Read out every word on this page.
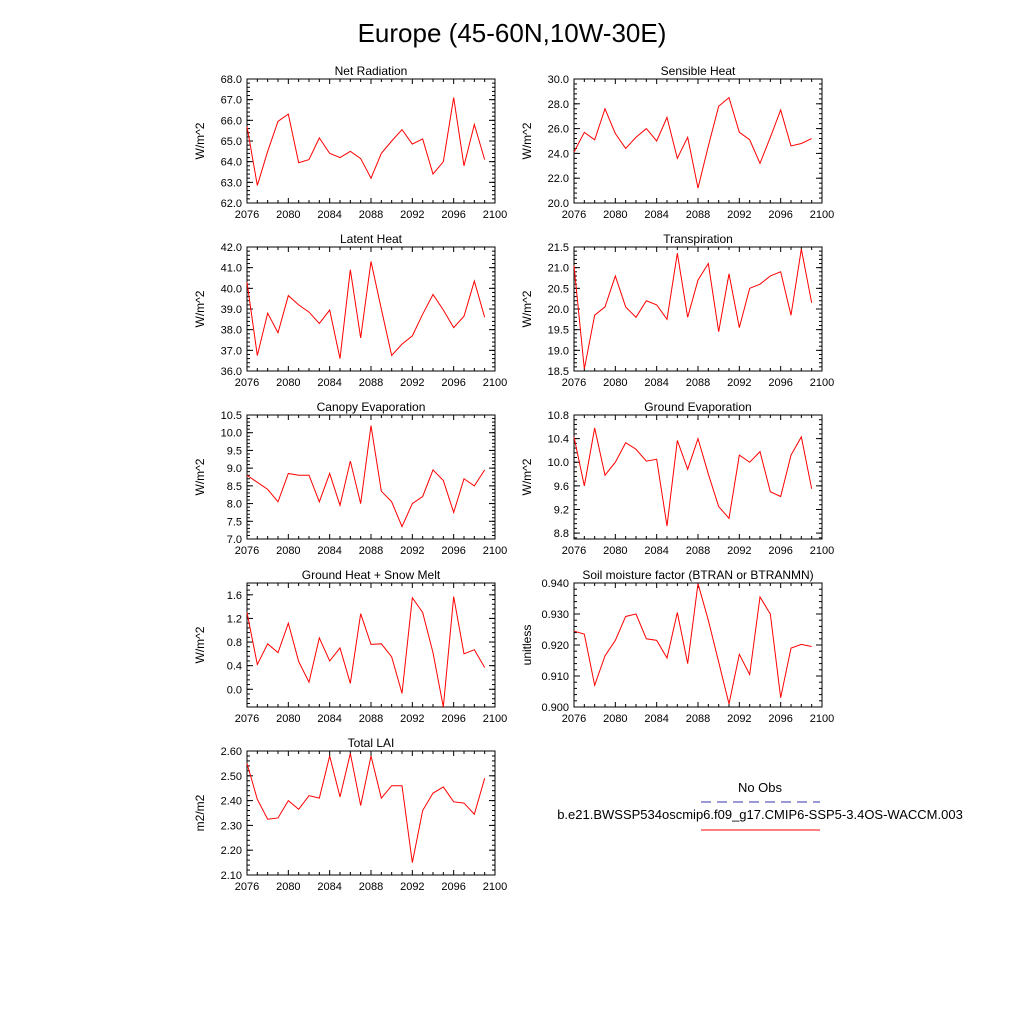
Europe (45-60N,10W-30E)
Net Radiation
W/m^2
2076 2080 2084 2088 2092 2096 2100
62.0
63.0
64.0
65.0
66.0
67.0
68.0
Sensible Heat
W/m^2
2076 2080 2084 2088 2092 2096 2100
20.0
22.0
24.0
26.0
28.0
30.0
Latent Heat
W/m^2
2076 2080 2084 2088 2092 2096 2100
36.0
37.0
38.0
39.0
40.0
41.0
42.0
Transpiration
W/m^2
2076 2080 2084 2088 2092 2096 2100
18.5
19.0
19.5
20.0
20.5
21.0
21.5
Canopy Evaporation
W/m^2
2076 2080 2084 2088 2092 2096 2100
7.0
7.5
8.0
8.5
9.0
9.5
10.0
10.5
Ground Evaporation
W/m^2
2076 2080 2084 2088 2092 2096 2100
8.8
9.2
9.6
10.0
10.4
10.8
Ground Heat + Snow Melt
W/m^2
2076 2080 2084 2088 2092 2096 2100
0.0
0.4
0.8
1.2
1.6
Soil moisture factor (BTRAN or BTRANMN)
unitless
2076 2080 2084 2088 2092 2096 2100
0.900
0.910
0.920
0.930
0.940
Total LAI
m2/m2
2076 2080 2084 2088 2092 2096 2100
2.10
2.20
2.30
2.40
2.50
2.60
No Obs
b.e21.BWSSP534oscmip6.f09_g17.CMIP6-SSP5-3.4OS-WACCM.003
